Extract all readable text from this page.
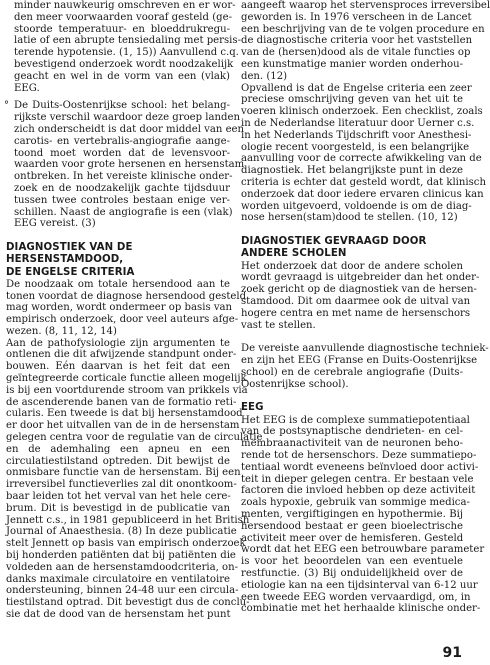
minder nauwkeurig omschreven en er wor-
den meer voorwaarden vooraf gesteld (ge-
stoorde temperatuur- en bloeddrukregu-
latie of een abrupte tensiedaling met persis-
terende hypotensie. (1, 15)) Aanvullend c.q.
bevestigend onderzoek wordt noodzakelijk
geacht en wel in de vorm van een (vlak)
EEG.
° De Duits-Oostenrijkse school: het belang-
rijkste verschil waardoor deze groep landen
zich onderscheidt is dat door middel van een
carotis- en vertebralis-angiografie aange-
toond moet worden dat de levensvoor-
waarden voor grote hersenen en hersenstam
ontbreken. In het vereiste klinische onder-
zoek en de noodzakelijk gachte tijdsduur
tussen twee controles bestaan enige ver-
schillen. Naast de angiografie is een (vlak)
EEG vereist. (3)
DIAGNOSTIEK VAN DE
HERSENSTAMDOOD,
DE ENGELSE CRITERIA
De noodzaak om totale hersendood aan te
tonen voordat de diagnose hersendood gesteld
mag worden, wordt ondermeer op basis van
empirisch onderzoek, door veel auteurs afge-
wezen. (8, 11, 12, 14)
Aan de pathofysiologie zijn argumenten te
ontlenen die dit afwijzende standpunt onder-
bouwen. Eén daarvan is het feit dat een
geïntegreerde corticale functie alleen mogelijk
is bij een voortdurende stroom van prikkels via
de ascenderende banen van de formatio reti-
cularis. Een tweede is dat bij hersenstamdood
er door het uitvallen van de in de hersenstam
gelegen centra voor de regulatie van de circulatie
en de ademhaling een apneu en een
circulatiestilstand optreden. Dit bewijst de
onmisbare functie van de hersenstam. Bij een
irreversibel functieverlies zal dit onontkoom-
baar leiden tot het verval van het hele cere-
brum. Dit is bevestigd in de publicatie van
Jennett c.s., in 1981 gepubliceerd in het British
Journal of Anaesthesia. (8) In deze publicatie
stelt Jennett op basis van empirisch onderzoek
bij honderden patiënten dat bij patiënten die
voldeden aan de hersenstamdoodcriteria, on-
danks maximale circulatoire en ventilatoire
ondersteuning, binnen 24-48 uur een circula-
tiestilstand optrad. Dit bevestigt dus de conclu-
sie dat de dood van de hersenstam het punt
aangeeft waarop het stervensproces irreversibel
geworden is. In 1976 verscheen in de Lancet
een beschrijving van de te volgen procedure en
de diagnostische criteria voor het vaststellen
van de (hersen)dood als de vitale functies op
een kunstmatige manier worden onderhou-
den. (12)
Opvallend is dat de Engelse criteria een zeer
preciese omschrijving geven van het uit te
voeren klinisch onderzoek. Een checklist, zoals
in de Nederlandse literatuur door Uerner c.s.
in het Nederlands Tijdschrift voor Anesthesi-
ologie recent voorgesteld, is een belangrijke
aanvulling voor de correcte afwikkeling van de
diagnostiek. Het belangrijkste punt in deze
criteria is echter dat gesteld wordt, dat klinisch
onderzoek dat door iedere ervaren clinicus kan
worden uitgevoerd, voldoende is om de diag-
nose hersen(stam)dood te stellen. (10, 12)
DIAGNOSTIEK GEVRAAGD DOOR
ANDERE SCHOLEN
Het onderzoek dat door de andere scholen
wordt gevraagd is uitgebreider dan het onder-
zoek gericht op de diagnostiek van de hersen-
stamdood. Dit om daarmee ook de uitval van
hogere centra en met name de hersenschors
vast te stellen.
De vereiste aanvullende diagnostische techniek-
en zijn het EEG (Franse en Duits-Oostenrijkse
school) en de cerebrale angiografie (Duits-
Oostenrijkse school).
EEG
Het EEG is de complexe summatiepotentiaal
van de postsynaptische dendrieten- en cel-
membraanactiviteit van de neuronen beho-
rende tot de hersenschors. Deze summatiepo-
tentiaal wordt eveneens beïnvloed door activi-
teit in dieper gelegen centra. Er bestaan vele
factoren die invloed hebben op deze activiteit
zoals hypoxie, gebruik van sommige medica-
menten, vergiftigingen en hypothermie. Bij
hersendood bestaat er geen bioelectrische
activiteit meer over de hemisferen. Gesteld
wordt dat het EEG een betrouwbare parameter
is voor het beoordelen van een eventuele
restfunctie. (3) Bij onduidelijkheid over de
etiologie kan na een tijdsinterval van 6-12 uur
een tweede EEG worden vervaardigd, om, in
combinatie met het herhaalde klinische onder-
91
